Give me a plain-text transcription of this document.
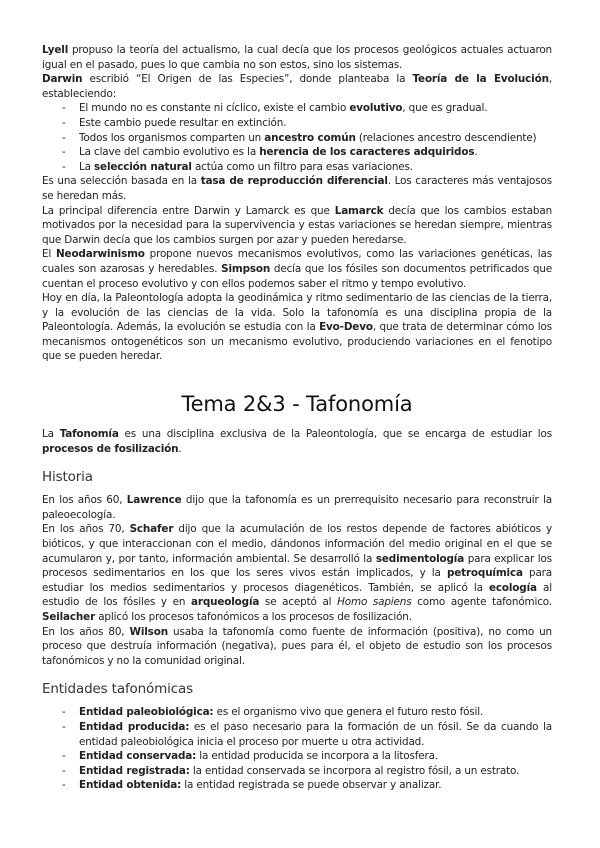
Lyell propuso la teoría del actualismo, la cual decía que los procesos geológicos actuales actuaron igual en el pasado, pues lo que cambia no son estos, sino los sistemas.

Darwin escribió “El Origen de las Especies”, donde planteaba la Teoría de la Evolución, estableciendo:

- El mundo no es constante ni cíclico, existe el cambio evolutivo, que es gradual.
- Este cambio puede resultar en extinción.
- Todos los organismos comparten un ancestro común (relaciones ancestro descendiente)
- La clave del cambio evolutivo es la herencia de los caracteres adquiridos.
- La selección natural actúa como un filtro para esas variaciones.

Es una selección basada en la tasa de reproducción diferencial. Los caracteres más ventajosos se heredan más.

La principal diferencia entre Darwin y Lamarck es que Lamarck decía que los cambios estaban motivados por la necesidad para la supervivencia y estas variaciones se heredan siempre, mientras que Darwin decía que los cambios surgen por azar y pueden heredarse.

El Neodarwinismo propone nuevos mecanismos evolutivos, como las variaciones genéticas, las cuales son azarosas y heredables. Simpson decía que los fósiles son documentos petrificados que cuentan el proceso evolutivo y con ellos podemos saber el ritmo y tempo evolutivo.

Hoy en día, la Paleontología adopta la geodinámica y ritmo sedimentario de las ciencias de la tierra, y la evolución de las ciencias de la vida. Solo la tafonomía es una disciplina propia de la Paleontología. Además, la evolución se estudia con la Evo-Devo, que trata de determinar cómo los mecanismos ontogenéticos son un mecanismo evolutivo, produciendo variaciones en el fenotipo que se pueden heredar.

Tema 2&3 - Tafonomía

La Tafonomía es una disciplina exclusiva de la Paleontología, que se encarga de estudiar los procesos de fosilización.

Historia

En los años 60, Lawrence dijo que la tafonomía es un prerrequisito necesario para reconstruir la paleoecología.

En los años 70, Schafer dijo que la acumulación de los restos depende de factores abióticos y bióticos, y que interaccionan con el medio, dándonos información del medio original en el que se acumularon y, por tanto, información ambiental. Se desarrolló la sedimentología para explicar los procesos sedimentarios en los que los seres vivos están implicados, y la petroquímica para estudiar los medios sedimentarios y procesos diagenéticos. También, se aplicó la ecología al estudio de los fósiles y en arqueología se aceptó al Homo sapiens como agente tafonómico. Seilacher aplicó los procesos tafonómicos a los procesos de fosilización.

En los años 80, Wilson usaba la tafonomía como fuente de información (positiva), no como un proceso que destruía información (negativa), pues para él, el objeto de estudio son los procesos tafonómicos y no la comunidad original.

Entidades tafonómicas
- Entidad paleobiológica: es el organismo vivo que genera el futuro resto fósil.
- Entidad producida: es el paso necesario para la formación de un fósil. Se da cuando la entidad paleobiológica inicia el proceso por muerte u otra actividad.
- Entidad conservada: la entidad producida se incorpora a la litosfera.
- Entidad registrada: la entidad conservada se incorpora al registro fósil, a un estrato.
- Entidad obtenida: la entidad registrada se puede observar y analizar.
